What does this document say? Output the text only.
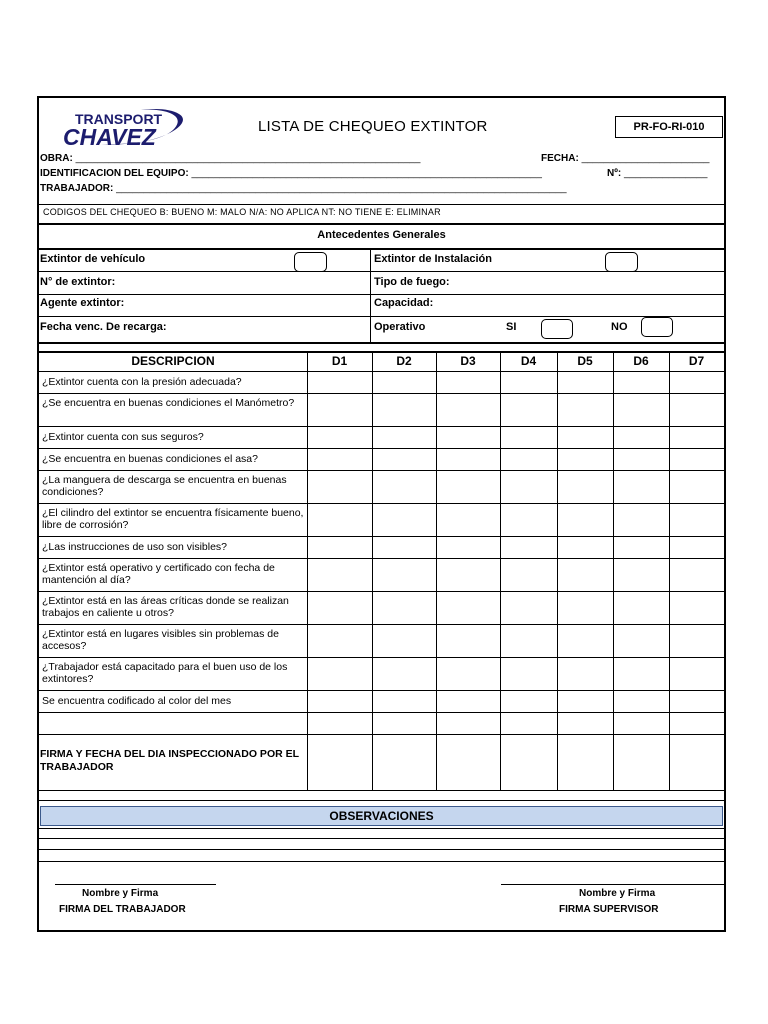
TRANSPORT
CHAVEZ	LISTA DE CHEQUEO EXTINTOR	PR-FO-RI-010
OBRA: ______________________________________________________________	FECHA: _______________________
IDENTIFICACION DEL EQUIPO: _______________________________________________________________	Nº: _______________
TRABAJADOR: _________________________________________________________________________________
CODIGOS DEL CHEQUEO B: BUENO M: MALO N/A: NO APLICA NT: NO TIENE E: ELIMINAR
Antecedentes Generales
Extintor de vehículo	Extintor de Instalación
N° de extintor:	Tipo de fuego:
Agente extintor:	Capacidad:
Fecha venc. De recarga:	Operativo	SI	NO
DESCRIPCION	D1	D2	D3	D4	D5	D6	D7
¿Extintor cuenta con la presión adecuada?
¿Se encuentra en buenas condiciones el Manómetro?
¿Extintor cuenta con sus seguros?
¿Se encuentra en buenas condiciones el asa?
¿La manguera de descarga se encuentra en buenas condiciones?
¿El cilindro del extintor se encuentra físicamente bueno, libre de corrosión?
¿Las instrucciones de uso son visibles?
¿Extintor está operativo y certificado con fecha de mantención al día?
¿Extintor está en las áreas críticas donde se realizan trabajos en caliente u otros?
¿Extintor está en lugares visibles sin problemas de accesos?
¿Trabajador está capacitado para el buen uso de los extintores?
Se encuentra codificado al color del mes
FIRMA Y FECHA DEL DIA INSPECCIONADO POR EL TRABAJADOR
OBSERVACIONES
Nombre y Firma
FIRMA DEL TRABAJADOR
Nombre y Firma
FIRMA SUPERVISOR
